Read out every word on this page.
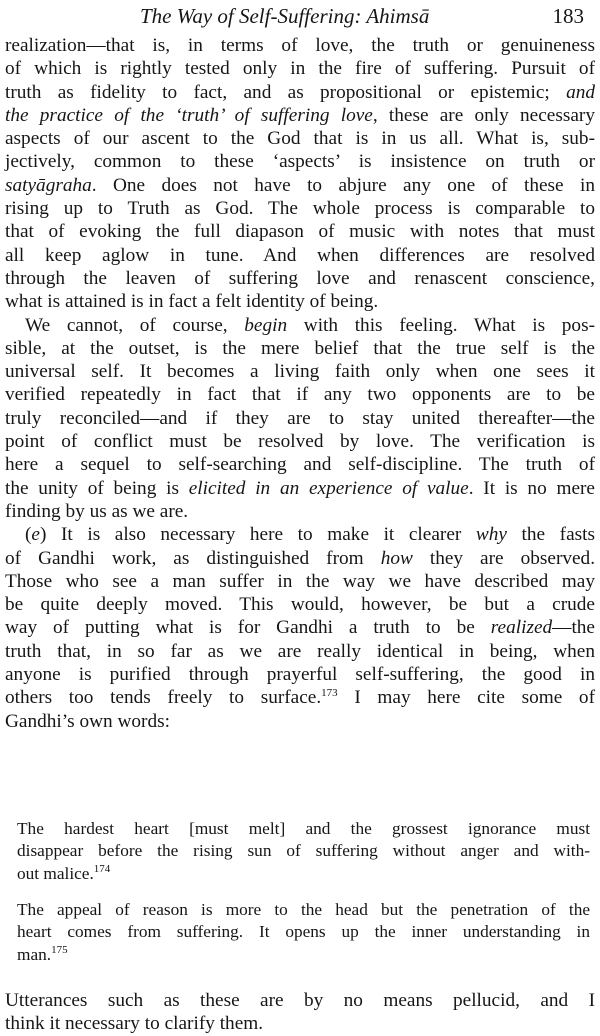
The Way of Self-Suffering: Ahimsā	183

realization—that is, in terms of love, the truth or genuineness
of which is rightly tested only in the fire of suffering. Pursuit of
truth as fidelity to fact, and as propositional or epistemic; and
the practice of the ‘truth’ of suffering love, these are only necessary
aspects of our ascent to the God that is in us all. What is, sub-
jectively, common to these ‘aspects’ is insistence on truth or
satyāgraha. One does not have to abjure any one of these in
rising up to Truth as God. The whole process is comparable to
that of evoking the full diapason of music with notes that must
all keep aglow in tune. And when differences are resolved
through the leaven of suffering love and renascent conscience,
what is attained is in fact a felt identity of being.

We cannot, of course, begin with this feeling. What is pos-
sible, at the outset, is the mere belief that the true self is the
universal self. It becomes a living faith only when one sees it
verified repeatedly in fact that if any two opponents are to be
truly reconciled—and if they are to stay united thereafter—the
point of conflict must be resolved by love. The verification is
here a sequel to self-searching and self-discipline. The truth of
the unity of being is elicited in an experience of value. It is no mere
finding by us as we are.

(e) It is also necessary here to make it clearer why the fasts
of Gandhi work, as distinguished from how they are observed.
Those who see a man suffer in the way we have described may
be quite deeply moved. This would, however, be but a crude
way of putting what is for Gandhi a truth to be realized—the
truth that, in so far as we are really identical in being, when
anyone is purified through prayerful self-suffering, the good in
others too tends freely to surface.$^{173}$ I may here cite some of
Gandhi’s own words:

The hardest heart [must melt] and the grossest ignorance must
disappear before the rising sun of suffering without anger and with-
out malice.$^{174}$
The appeal of reason is more to the head but the penetration of the
heart comes from suffering. It opens up the inner understanding in
man.$^{175}$
Utterances such as these are by no means pellucid, and I
think it necessary to clarify them.
